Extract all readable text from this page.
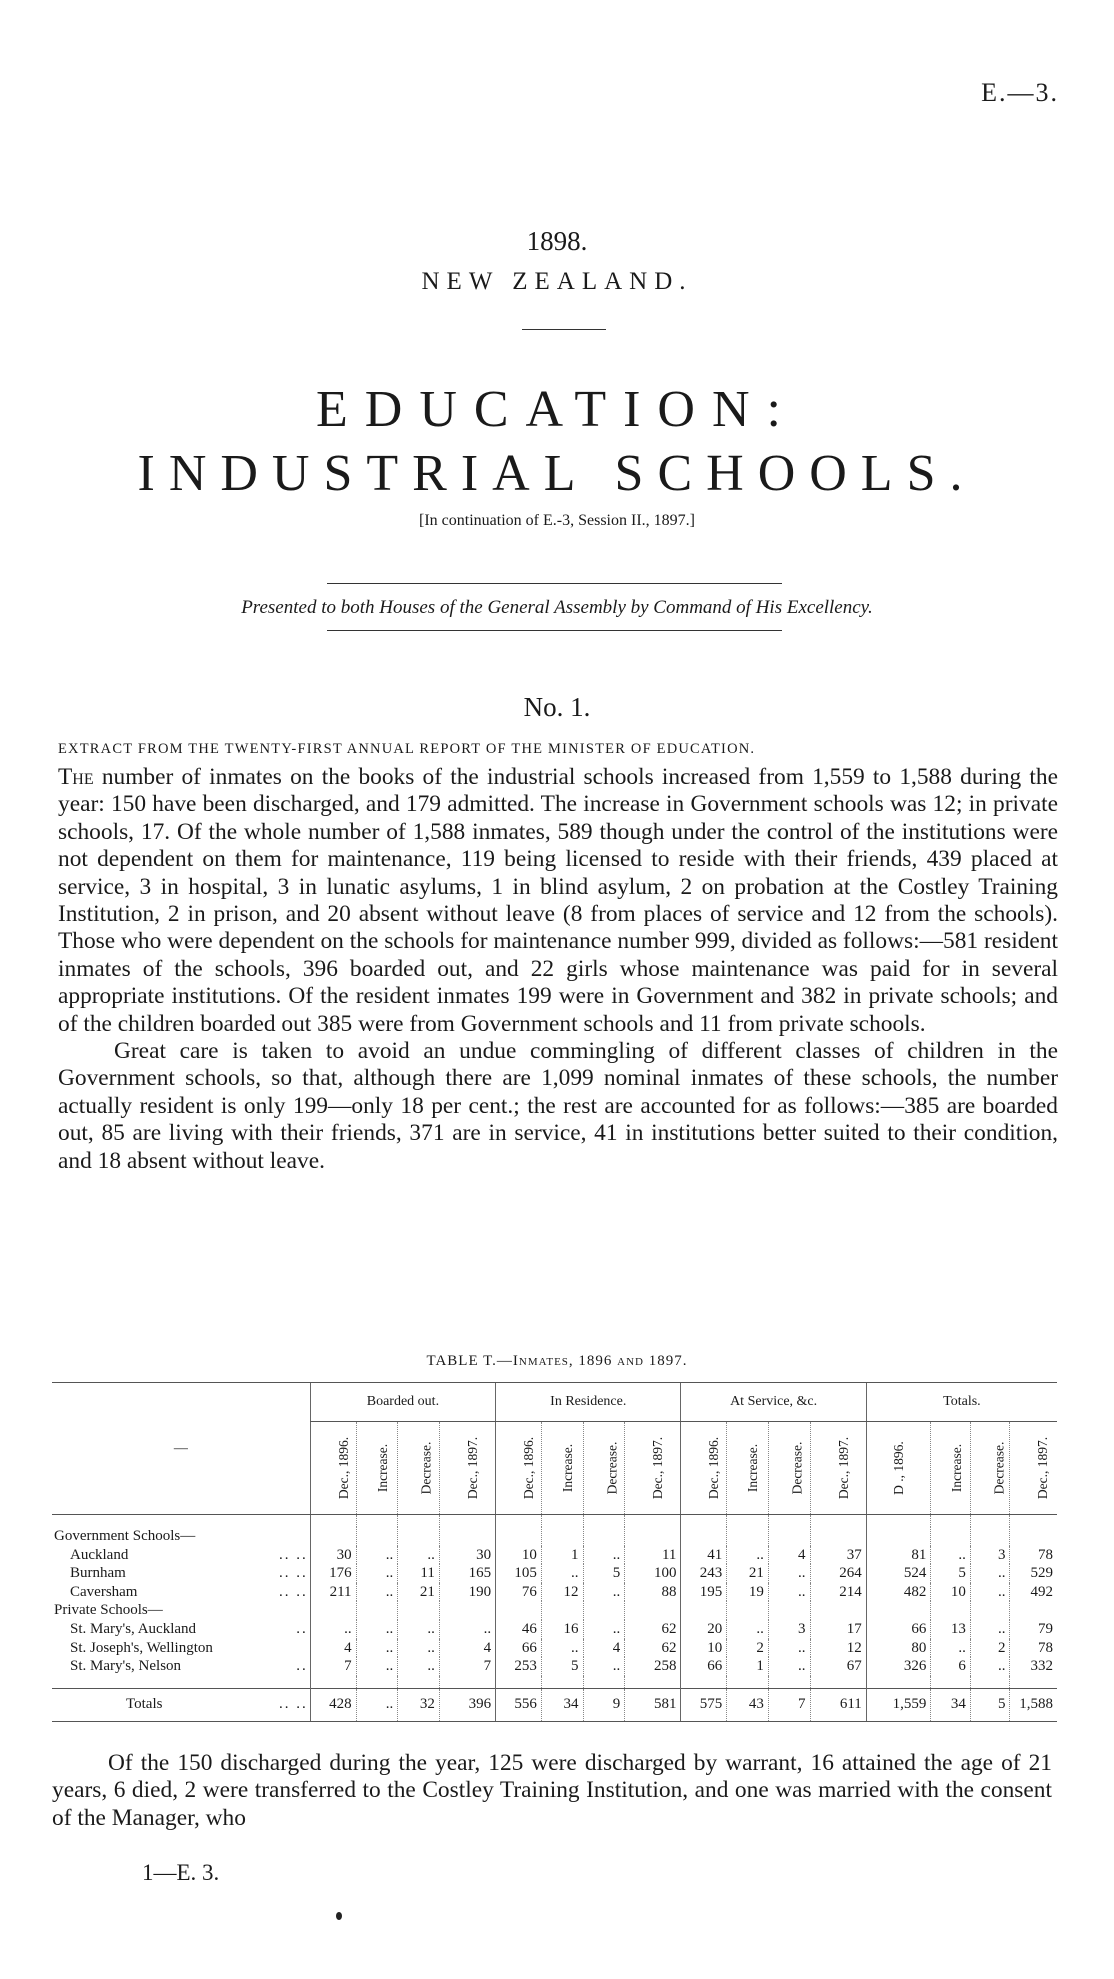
E.—3.
1898.
NEW ZEALAND.
EDUCATION:
INDUSTRIAL SCHOOLS.
[In continuation of E.-3, Session II., 1897.]
Presented to both Houses of the General Assembly by Command of His Excellency.
No. 1.
EXTRACT FROM THE TWENTY-FIRST ANNUAL REPORT OF THE MINISTER OF EDUCATION.

The number of inmates on the books of the industrial schools increased from 1,559 to 1,588 during the year: 150 have been discharged, and 179 admitted. The increase in Government schools was 12; in private schools, 17. Of the whole number of 1,588 inmates, 589 though under the control of the institutions were not dependent on them for maintenance, 119 being licensed to reside with their friends, 439 placed at service, 3 in hospital, 3 in lunatic asylums, 1 in blind asylum, 2 on probation at the Costley Training Institution, 2 in prison, and 20 absent without leave (8 from places of service and 12 from the schools). Those who were dependent on the schools for maintenance number 999, divided as follows:—581 resident inmates of the schools, 396 boarded out, and 22 girls whose maintenance was paid for in several appropriate institutions. Of the resident inmates 199 were in Government and 382 in private schools; and of the children boarded out 385 were from Government schools and 11 from private schools.

Great care is taken to avoid an undue commingling of different classes of children in the Government schools, so that, although there are 1,099 nominal inmates of these schools, the number actually resident is only 199—only 18 per cent.; the rest are accounted for as follows:—385 are boarded out, 85 are living with their friends, 371 are in service, 41 in institutions better suited to their condition, and 18 absent without leave.

TABLE T.—Inmates, 1896 and 1897.
—	Boarded out.				In Residence.				At Service, &c.				Totals.			
	Dec., 1896.	Increase.	Decrease.	Dec., 1897.	Dec., 1896.	Increase.	Decrease.	Dec., 1897.	Dec., 1896.	Increase.	Decrease.	Dec., 1897.	D ., 1896.	Increase.	Decrease.	Dec., 1897.

Government Schools—																
Auckland .. ..	30	..	..	30	10	1	..	11	41	..	4	37	81	..	3	78
Burnham .. ..	176	..	11	165	105	..	5	100	243	21	..	264	524	5	..	529
Caversham .. ..	211	..	21	190	76	12	..	88	195	19	..	214	482	10	..	492
Private Schools—																
St. Mary's, Auckland ..	..	..	..	..	46	16	..	62	20	..	3	17	66	13	..	79
St. Joseph's, Wellington	4	..	..	4	66	..	4	62	10	2	..	12	80	..	2	78
St. Mary's, Nelson ..	7	..	..	7	253	5	..	258	66	1	..	67	326	6	..	332

Totals .. ..	428	..	32	396	556	34	9	581	575	43	7	611	1,559	34	5	1,588

Of the 150 discharged during the year, 125 were discharged by warrant, 16 attained the age of 21 years, 6 died, 2 were transferred to the Costley Training Institution, and one was married with the consent of the Manager, who

1—E. 3.
